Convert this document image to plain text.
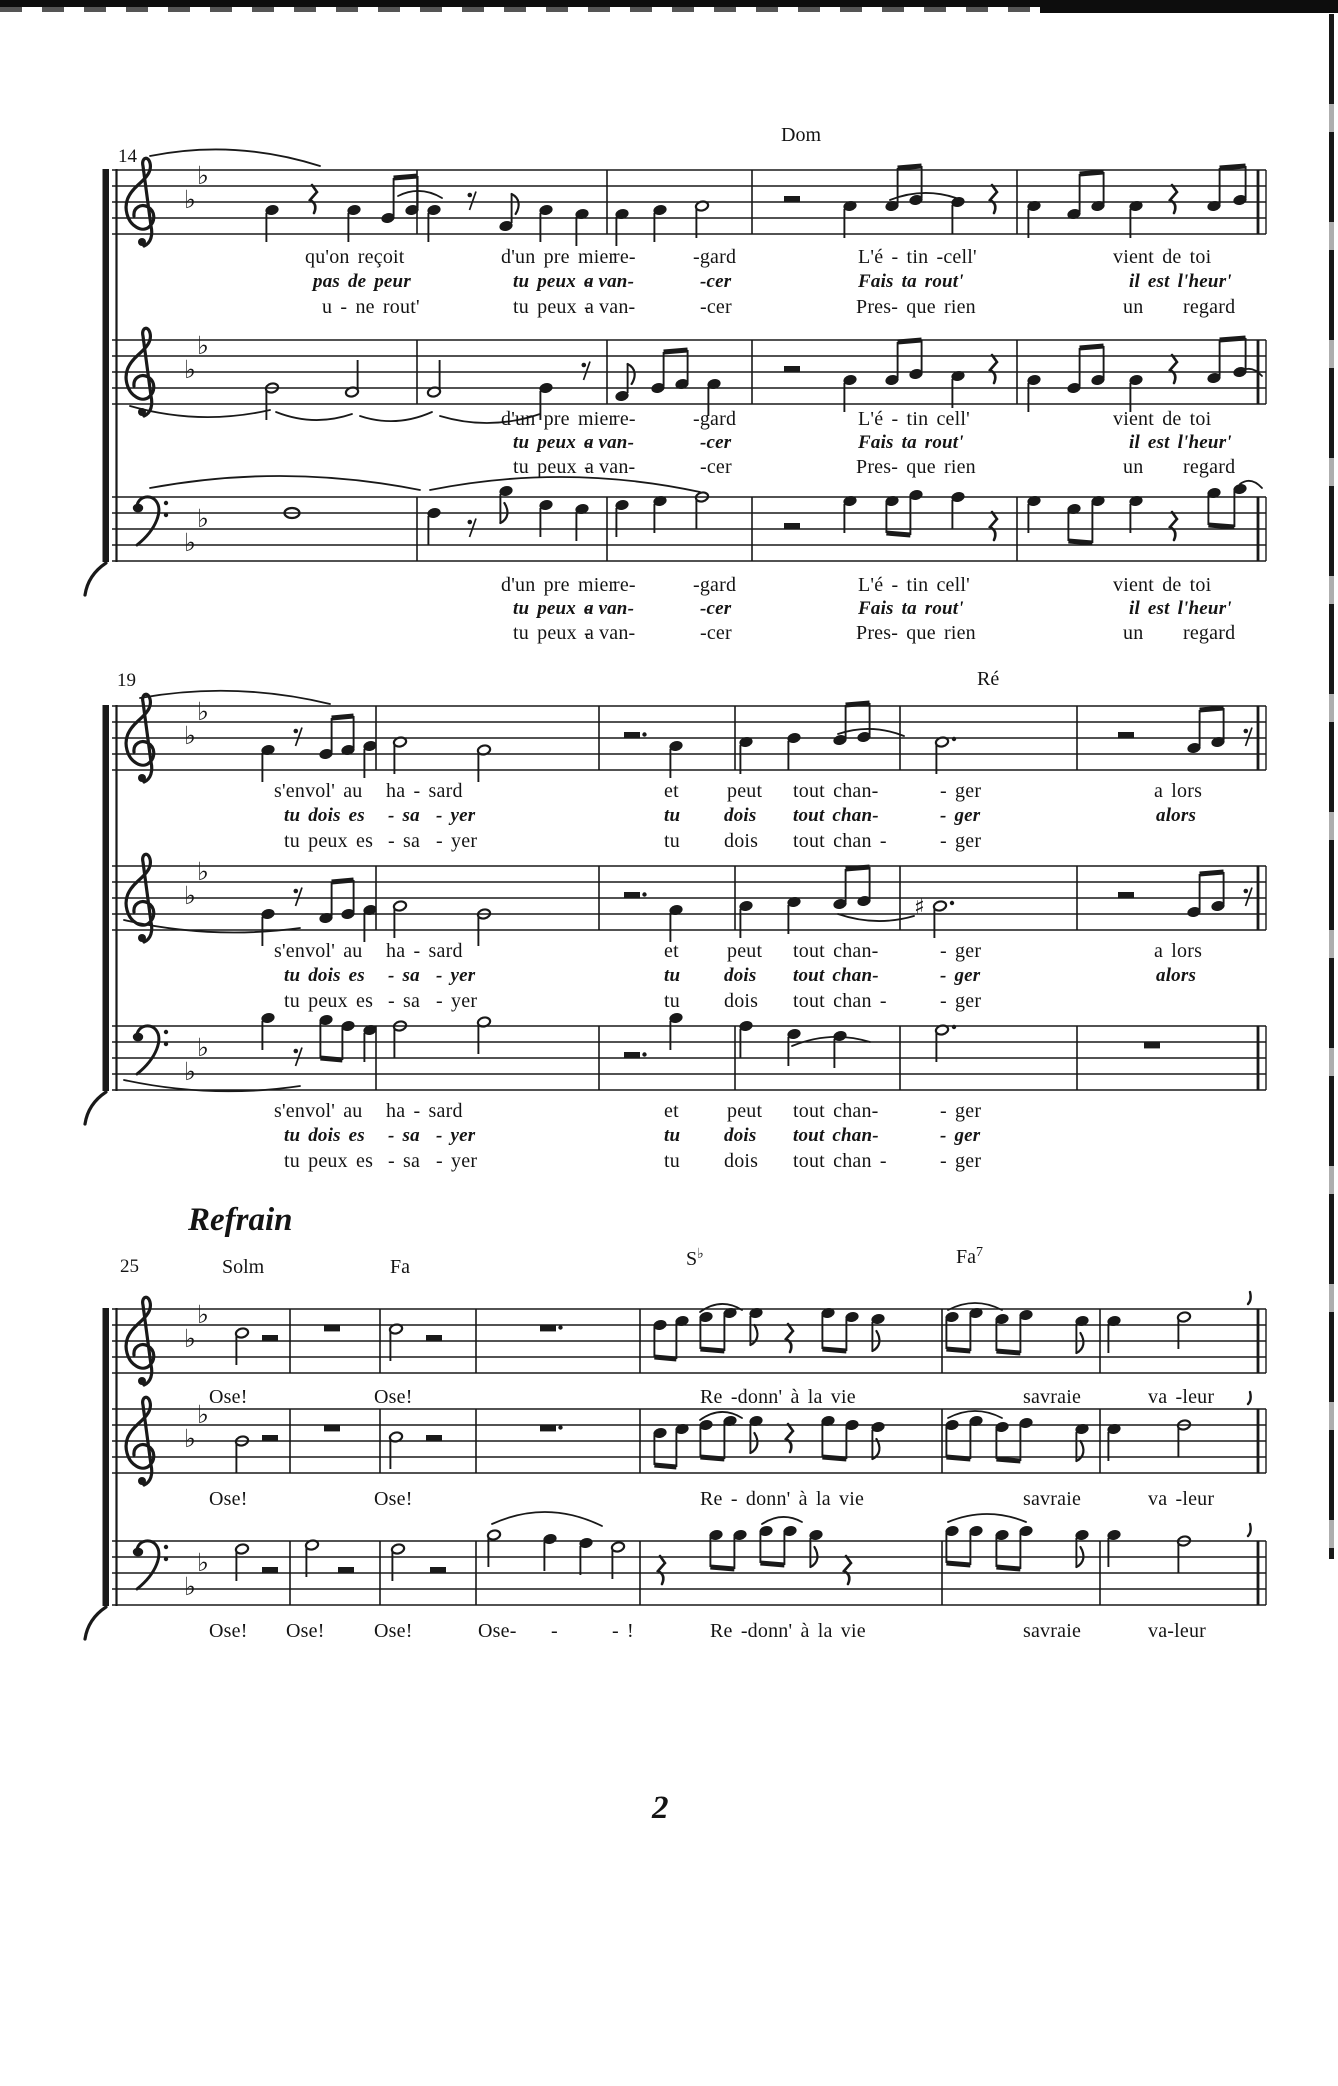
♭
♭
♭
♭
♭
♭
♭
♭
♭
♭
♯
♭
♭
♭
♭
♭
♭
♭
♭
14
19
25
Refrain
2
Dom
qu'on reçoit	d'un pre mier
re-	-gard	L'é - tin -cell'	vient de toi
pas de peur	tu peux a
- van-	-cer	Fais ta rout'	il est l'heur'
u - ne rout'	tu peux a
- van-	-cer	Pres- que rien	un regard
d'un pre mier
re-	-gard	L'é - tin cell'	vient de toi
tu peux a
- van-	-cer	Fais ta rout'	il est l'heur'
tu peux a
- van-	-cer	Pres- que rien	un regard
d'un pre mier
re-	-gard	L'é - tin cell'	vient de toi
tu peux a
- van-	-cer	Fais ta rout'	il est l'heur'
tu peux a
- van-	-cer	Pres- que rien	un regard
Ré
s'envol' au ha - sard	et peut tout chan-	- ger	a lors
tu dois es - sa - yer	tu dois tout chan-	- ger	alors
tu peux es - sa - yer	tu dois tout chan -	- ger
s'envol' au ha - sard	et peut tout chan-	- ger	a lors
tu dois es - sa - yer	tu dois tout chan-	- ger	alors
tu peux es - sa - yer	tu dois tout chan -	- ger
s'envol' au ha - sard	et peut tout chan-	- ger
tu dois es - sa - yer	tu dois tout chan-	- ger
tu peux es - sa - yer	tu dois tout chan -	- ger
Solm	Fa	S♭	Fa$^7$
Ose!	Ose!	Re -donn' à la vie	savraie	va -leur
Ose!	Ose!	Re - donn' à la vie	savraie	va -leur
Ose! Ose! Ose!	Ose- -	- !	Re -donn' à la vie	savraie	va-leur
